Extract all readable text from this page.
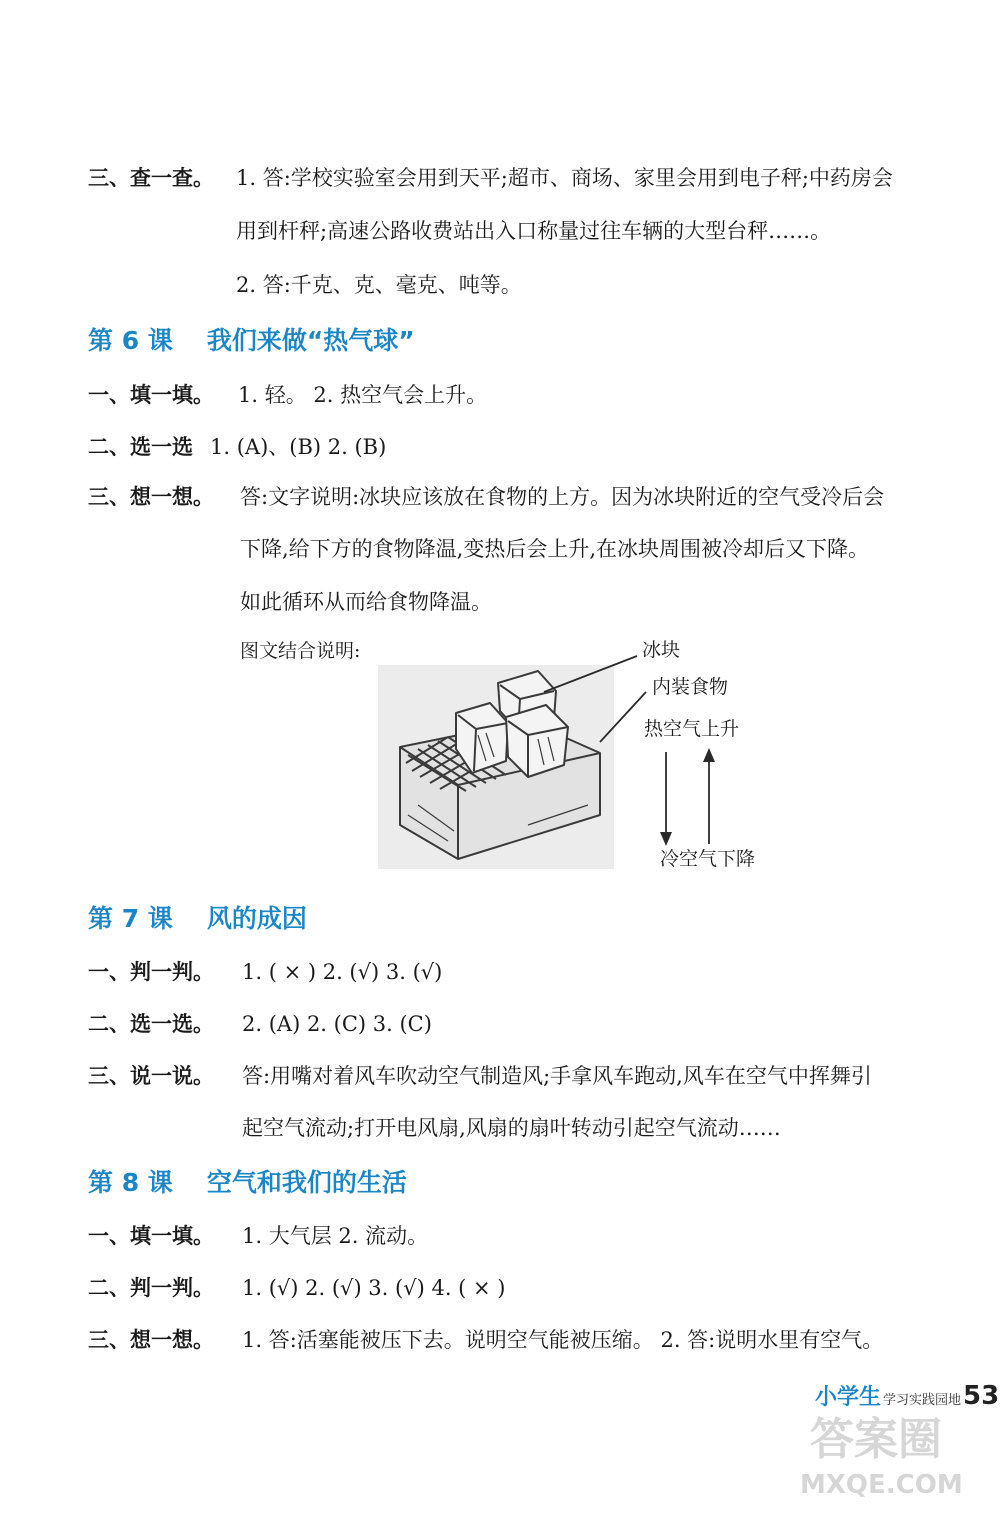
三、查一查。 1. 答:学校实验室会用到天平;超市、商场、家里会用到电子秤;中药房会
用到杆秤;高速公路收费站出入口称量过往车辆的大型台秤……。
2. 答:千克、克、毫克、吨等。
第 6 课 我们来做“热气球”
一、填一填。 1. 轻。 2. 热空气会上升。
二、选一选 1. (A)、(B) 2. (B)
三、想一想。 答:文字说明:冰块应该放在食物的上方。因为冰块附近的空气受冷后会
下降,给下方的食物降温,变热后会上升,在冰块周围被冷却后又下降。
如此循环从而给食物降温。
图文结合说明:	冰块
内装食物
热空气上升
冷空气下降
第 7 课 风的成因
一、判一判。 1. ( × ) 2. (√) 3. (√)
二、选一选。 2. (A) 2. (C) 3. (C)
三、说一说。 答:用嘴对着风车吹动空气制造风;手拿风车跑动,风车在空气中挥舞引
起空气流动;打开电风扇,风扇的扇叶转动引起空气流动……
第 8 课 空气和我们的生活
一、填一填。 1. 大气层 2. 流动。
二、判一判。 1. (√) 2. (√) 3. (√) 4. ( × )
三、想一想。 1. 答:活塞能被压下去。说明空气能被压缩。 2. 答:说明水里有空气。
小学生 学习实践园地53
答案圈
MXQE.COM
